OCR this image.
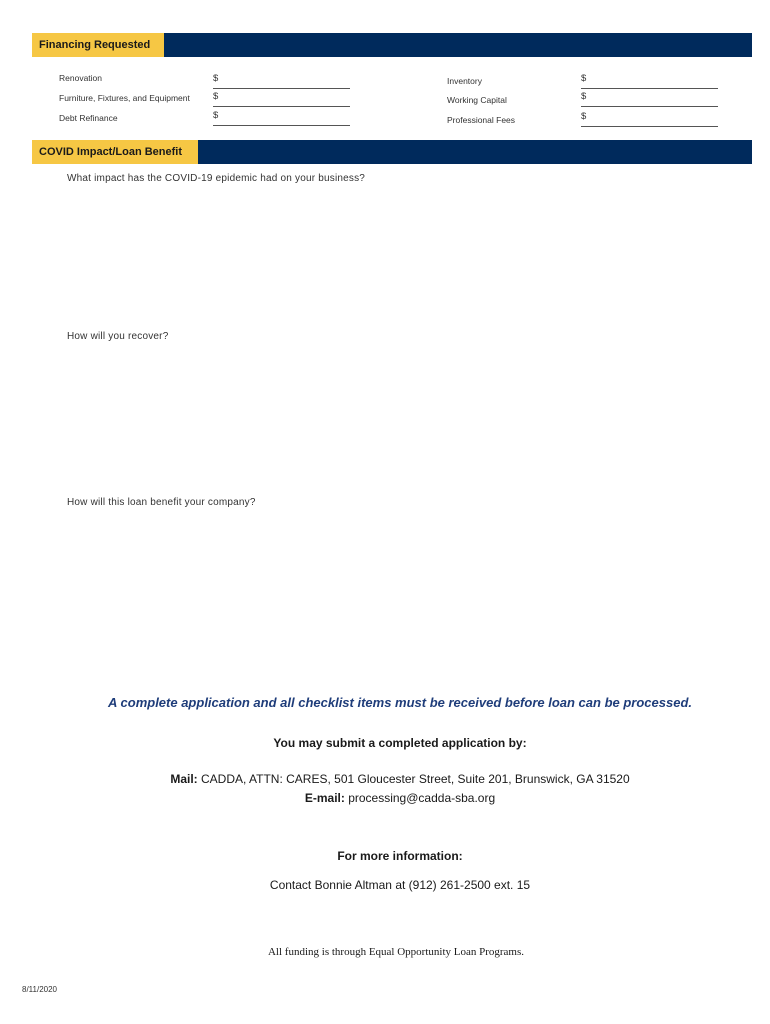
Financing Requested
Renovation	$
Furniture, Fixtures, and Equipment $
Debt Refinance	$
Inventory	$
Working Capital	$
Professional Fees	$
COVID Impact/Loan Benefit
What impact has the COVID-19 epidemic had on your business?
How will you recover?
How will this loan benefit your company?
A complete application and all checklist items must be received before loan can be processed.
You may submit a completed application by:
Mail: CADDA, ATTN: CARES, 501 Gloucester Street, Suite 201, Brunswick, GA 31520
E-mail: processing@cadda-sba.org
For more information:
Contact Bonnie Altman at (912) 261-2500 ext. 15
All funding is through Equal Opportunity Loan Programs.
8/11/2020
